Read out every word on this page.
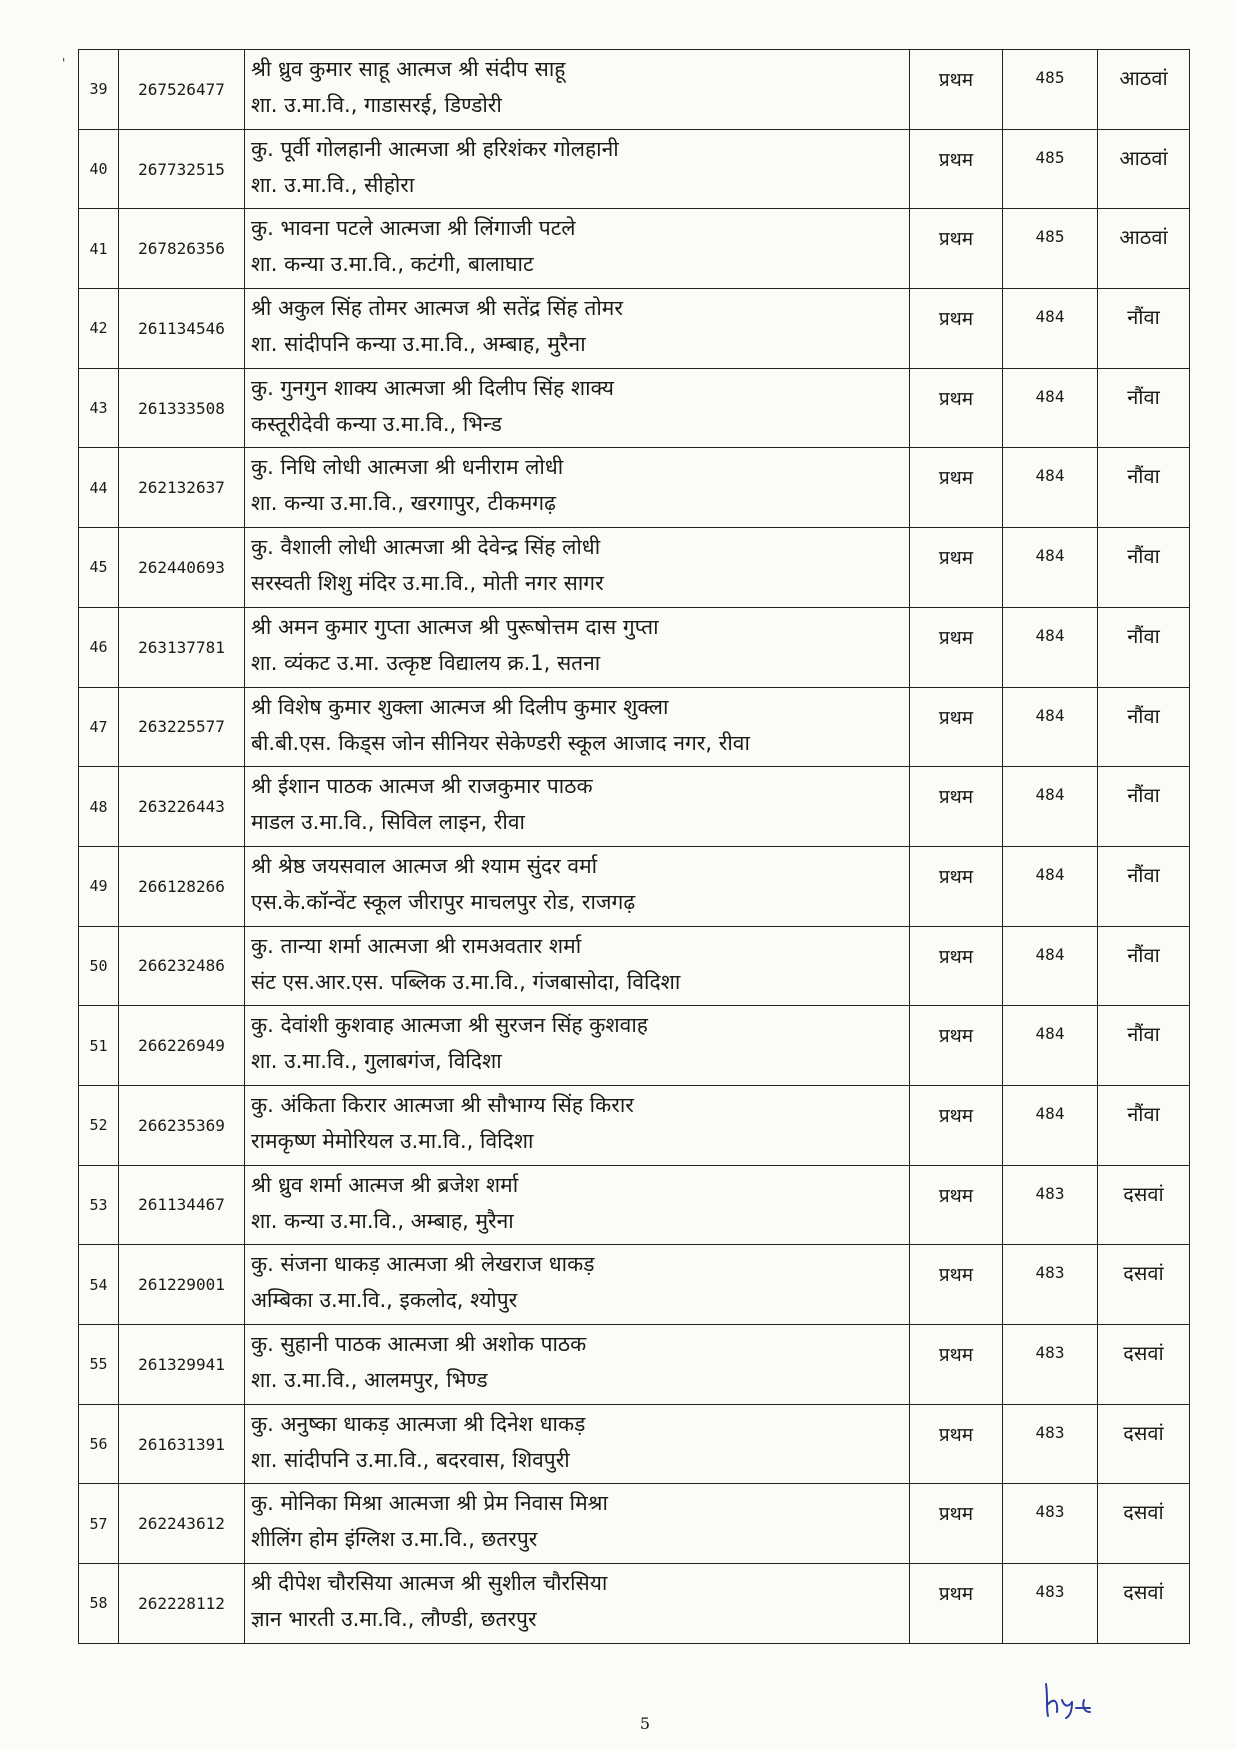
'
39	267526477	श्री ध्रुव कुमार साहू आत्मज श्री संदीप साहू
शा. उ.मा.वि., गाडासरई, डिण्डोरी	प्रथम	485	आठवां

40	267732515	कु. पूर्वी गोलहानी आत्मजा श्री हरिशंकर गोलहानी
शा. उ.मा.वि., सीहोरा	प्रथम	485	आठवां

41	267826356	कु. भावना पटले आत्मजा श्री लिंगाजी पटले
शा. कन्या उ.मा.वि., कटंगी, बालाघाट	प्रथम	485	आठवां

42	261134546	श्री अकुल सिंह तोमर आत्मज श्री सतेंद्र सिंह तोमर
शा. सांदीपनि कन्या उ.मा.वि., अम्बाह, मुरैना	प्रथम	484	नौंवा

43	261333508	कु. गुनगुन शाक्य आत्मजा श्री दिलीप सिंह शाक्य
कस्तूरीदेवी कन्या उ.मा.वि., भिन्ड	प्रथम	484	नौंवा

44	262132637	कु. निधि लोधी आत्मजा श्री धनीराम लोधी
शा. कन्या उ.मा.वि., खरगापुर, टीकमगढ़	प्रथम	484	नौंवा

45	262440693	कु. वैशाली लोधी आत्मजा श्री देवेन्द्र सिंह लोधी
सरस्वती शिशु मंदिर उ.मा.वि., मोती नगर सागर	प्रथम	484	नौंवा

46	263137781	श्री अमन कुमार गुप्ता आत्मज श्री पुरूषोत्तम दास गुप्ता
शा. व्यंकट उ.मा. उत्कृष्ट विद्यालय क्र.1, सतना	प्रथम	484	नौंवा

47	263225577	श्री विशेष कुमार शुक्ला आत्मज श्री दिलीप कुमार शुक्ला
बी.बी.एस. किड्स जोन सीनियर सेकेण्डरी स्कूल आजाद नगर, रीवा	प्रथम	484	नौंवा

48	263226443	श्री ईशान पाठक आत्मज श्री राजकुमार पाठक
माडल उ.मा.वि., सिविल लाइन, रीवा	प्रथम	484	नौंवा

49	266128266	श्री श्रेष्ठ जयसवाल आत्मज श्री श्याम सुंदर वर्मा
एस.के.कॉन्वेंट स्कूल जीरापुर माचलपुर रोड, राजगढ़	प्रथम	484	नौंवा

50	266232486	कु. तान्या शर्मा आत्मजा श्री रामअवतार शर्मा
संट एस.आर.एस. पब्लिक उ.मा.वि., गंजबासोदा, विदिशा	प्रथम	484	नौंवा

51	266226949	कु. देवांशी कुशवाह आत्मजा श्री सुरजन सिंह कुशवाह
शा. उ.मा.वि., गुलाबगंज, विदिशा	प्रथम	484	नौंवा

52	266235369	कु. अंकिता किरार आत्मजा श्री सौभाग्य सिंह किरार
रामकृष्ण मेमोरियल उ.मा.वि., विदिशा	प्रथम	484	नौंवा

53	261134467	श्री ध्रुव शर्मा आत्मज श्री ब्रजेश शर्मा
शा. कन्या उ.मा.वि., अम्बाह, मुरैना	प्रथम	483	दसवां

54	261229001	कु. संजना धाकड़ आत्मजा श्री लेखराज धाकड़
अम्बिका उ.मा.वि., इकलोद, श्योपुर	प्रथम	483	दसवां

55	261329941	कु. सुहानी पाठक आत्मजा श्री अशोक पाठक
शा. उ.मा.वि., आलमपुर, भिण्ड	प्रथम	483	दसवां

56	261631391	कु. अनुष्का धाकड़ आत्मजा श्री दिनेश धाकड़
शा. सांदीपनि उ.मा.वि., बदरवास, शिवपुरी	प्रथम	483	दसवां

57	262243612	कु. मोनिका मिश्रा आत्मजा श्री प्रेम निवास मिश्रा
शीलिंग होम इंग्लिश उ.मा.वि., छतरपुर	प्रथम	483	दसवां

58	262228112	श्री दीपेश चौरसिया आत्मज श्री सुशील चौरसिया
ज्ञान भारती उ.मा.वि., लौण्डी, छतरपुर	प्रथम	483	दसवां
5
